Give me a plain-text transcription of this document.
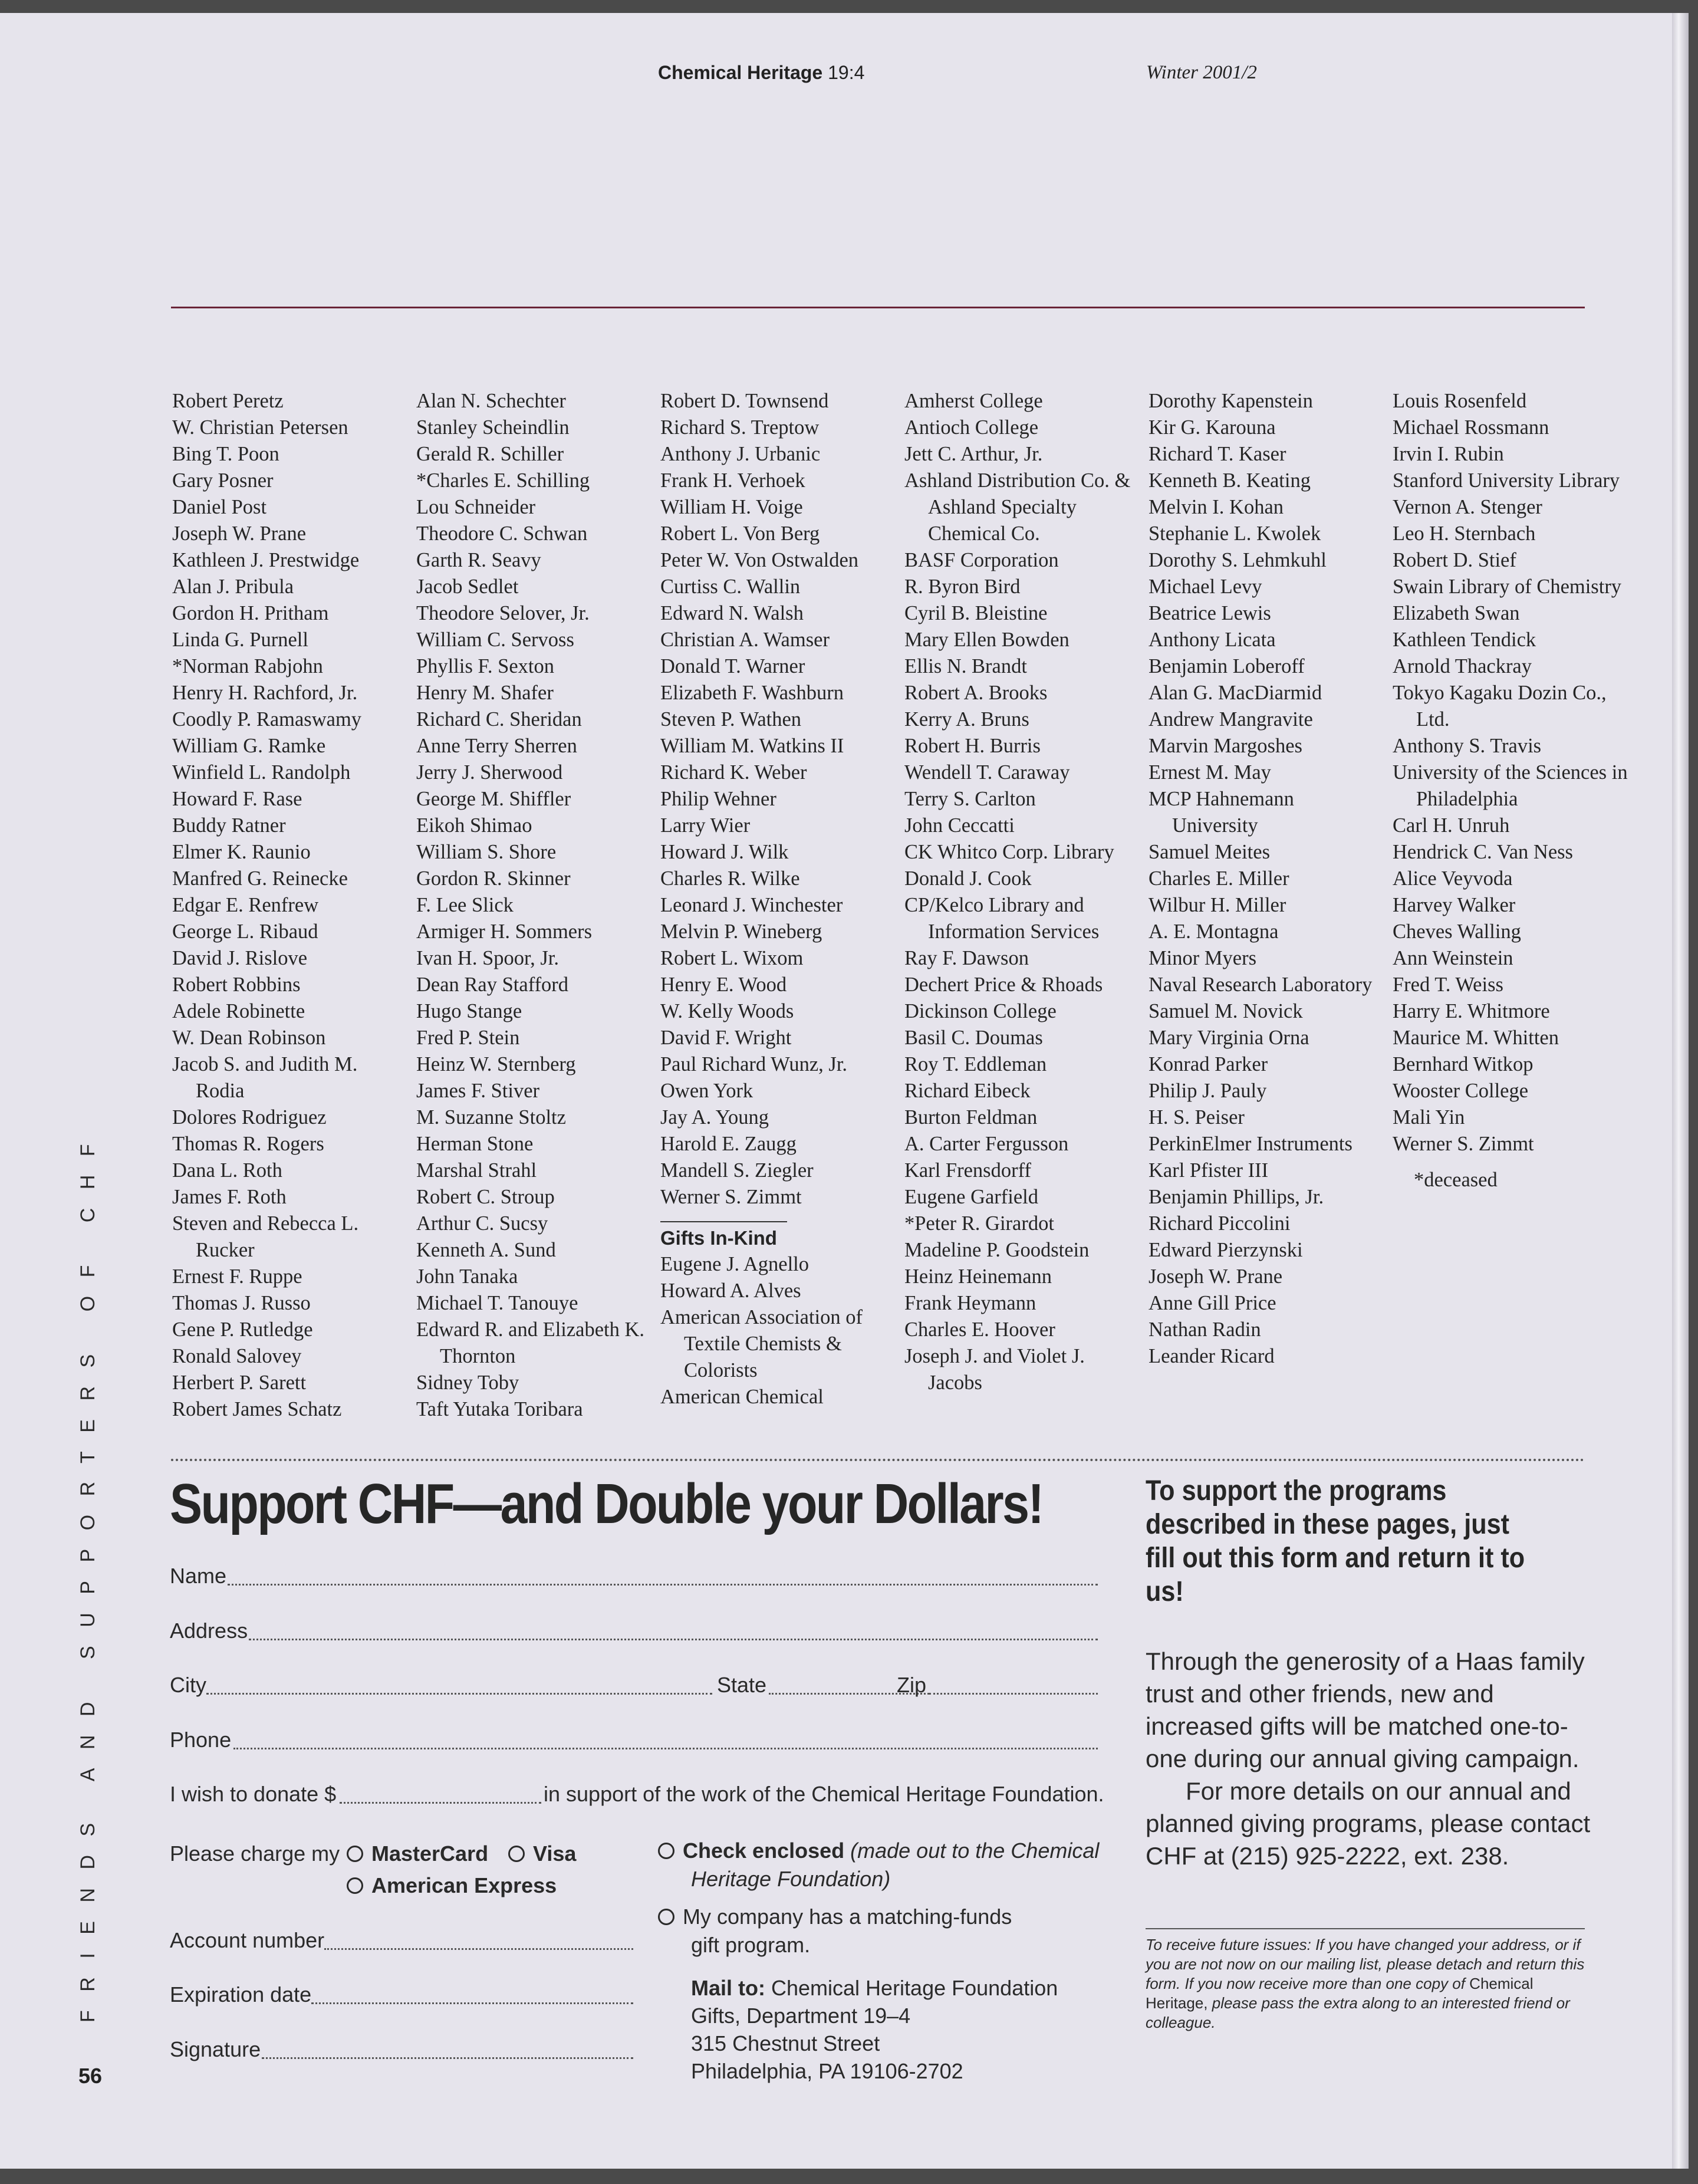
Chemical Heritage 19:4	Winter 2001/2
Robert Peretz
W. Christian Petersen
Bing T. Poon
Gary Posner
Daniel Post
Joseph W. Prane
Kathleen J. Prestwidge
Alan J. Pribula
Gordon H. Pritham
Linda G. Purnell
*Norman Rabjohn
Henry H. Rachford, Jr.
Coodly P. Ramaswamy
William G. Ramke
Winfield L. Randolph
Howard F. Rase
Buddy Ratner
Elmer K. Raunio
Manfred G. Reinecke
Edgar E. Renfrew
George L. Ribaud
David J. Rislove
Robert Robbins
Adele Robinette
W. Dean Robinson
Jacob S. and Judith M. Rodia
Dolores Rodriguez
Thomas R. Rogers
Dana L. Roth
James F. Roth
Steven and Rebecca L. Rucker
Ernest F. Ruppe
Thomas J. Russo
Gene P. Rutledge
Ronald Salovey
Herbert P. Sarett
Robert James Schatz
Alan N. Schechter
Stanley Scheindlin
Gerald R. Schiller
*Charles E. Schilling
Lou Schneider
Theodore C. Schwan
Garth R. Seavy
Jacob Sedlet
Theodore Selover, Jr.
William C. Servoss
Phyllis F. Sexton
Henry M. Shafer
Richard C. Sheridan
Anne Terry Sherren
Jerry J. Sherwood
George M. Shiffler
Eikoh Shimao
William S. Shore
Gordon R. Skinner
F. Lee Slick
Armiger H. Sommers
Ivan H. Spoor, Jr.
Dean Ray Stafford
Hugo Stange
Fred P. Stein
Heinz W. Sternberg
James F. Stiver
M. Suzanne Stoltz
Herman Stone
Marshal Strahl
Robert C. Stroup
Arthur C. Sucsy
Kenneth A. Sund
John Tanaka
Michael T. Tanouye
Edward R. and Elizabeth K. Thornton
Sidney Toby
Taft Yutaka Toribara
Robert D. Townsend
Richard S. Treptow
Anthony J. Urbanic
Frank H. Verhoek
William H. Voige
Robert L. Von Berg
Peter W. Von Ostwalden
Curtiss C. Wallin
Edward N. Walsh
Christian A. Wamser
Donald T. Warner
Elizabeth F. Washburn
Steven P. Wathen
William M. Watkins II
Richard K. Weber
Philip Wehner
Larry Wier
Howard J. Wilk
Charles R. Wilke
Leonard J. Winchester
Melvin P. Wineberg
Robert L. Wixom
Henry E. Wood
W. Kelly Woods
David F. Wright
Paul Richard Wunz, Jr.
Owen York
Jay A. Young
Harold E. Zaugg
Mandell S. Ziegler
Werner S. Zimmt
Gifts In-Kind
Eugene J. Agnello
Howard A. Alves
American Association of Textile Chemists & Colorists
American Chemical
Amherst College
Antioch College
Jett C. Arthur, Jr.
Ashland Distribution Co. & Ashland Specialty Chemical Co.
BASF Corporation
R. Byron Bird
Cyril B. Bleistine
Mary Ellen Bowden
Ellis N. Brandt
Robert A. Brooks
Kerry A. Bruns
Robert H. Burris
Wendell T. Caraway
Terry S. Carlton
John Ceccatti
CK Whitco Corp. Library
Donald J. Cook
CP/Kelco Library and Information Services
Ray F. Dawson
Dechert Price & Rhoads
Dickinson College
Basil C. Doumas
Roy T. Eddleman
Richard Eibeck
Burton Feldman
A. Carter Fergusson
Karl Frensdorff
Eugene Garfield
*Peter R. Girardot
Madeline P. Goodstein
Heinz Heinemann
Frank Heymann
Charles E. Hoover
Joseph J. and Violet J. Jacobs
Dorothy Kapenstein
Kir G. Karouna
Richard T. Kaser
Kenneth B. Keating
Melvin I. Kohan
Stephanie L. Kwolek
Dorothy S. Lehmkuhl
Michael Levy
Beatrice Lewis
Anthony Licata
Benjamin Loberoff
Alan G. MacDiarmid
Andrew Mangravite
Marvin Margoshes
Ernest M. May
MCP Hahnemann University
Samuel Meites
Charles E. Miller
Wilbur H. Miller
A. E. Montagna
Minor Myers
Naval Research Laboratory
Samuel M. Novick
Mary Virginia Orna
Konrad Parker
Philip J. Pauly
H. S. Peiser
PerkinElmer Instruments
Karl Pfister III
Benjamin Phillips, Jr.
Richard Piccolini
Edward Pierzynski
Joseph W. Prane
Anne Gill Price
Nathan Radin
Leander Ricard
Louis Rosenfeld
Michael Rossmann
Irvin I. Rubin
Stanford University Library
Vernon A. Stenger
Leo H. Sternbach
Robert D. Stief
Swain Library of Chemistry
Elizabeth Swan
Kathleen Tendick
Arnold Thackray
Tokyo Kagaku Dozin Co., Ltd.
Anthony S. Travis
University of the Sciences in Philadelphia
Carl H. Unruh
Hendrick C. Van Ness
Alice Veyvoda
Harvey Walker
Cheves Walling
Ann Weinstein
Fred T. Weiss
Harry E. Whitmore
Maurice M. Whitten
Bernhard Witkop
Wooster College
Mali Yin
Werner S. Zimmt
*deceased
Support CHF—and Double your Dollars!
Name
Address
City	State	Zip
Phone
I wish to donate $	in support of the work of the Chemical Heritage Foundation.
Please charge my	MasterCard	Visa
American Express
Check enclosed (made out to the Chemical
Heritage Foundation)
My company has a matching-funds
gift program.
Account number
Expiration date
Signature
Mail to: Chemical Heritage Foundation
Gifts, Department 19–4
315 Chestnut Street
Philadelphia, PA 19106-2702
To support the programs described in these pages, just fill out this form and return it to us!

Through the generosity of a Haas family trust and other friends, new and increased gifts will be matched one-to-one during our annual giving campaign.

For more details on our annual and planned giving programs, please contact CHF at (215) 925-2222, ext. 238.

To receive future issues: If you have changed your address, or if you are not now on our mailing list, please detach and return this form. If you now receive more than one copy of Chemical Heritage, please pass the extra along to an interested friend or colleague.
FRIENDS AND SUPPORTERS OF CHF
56
